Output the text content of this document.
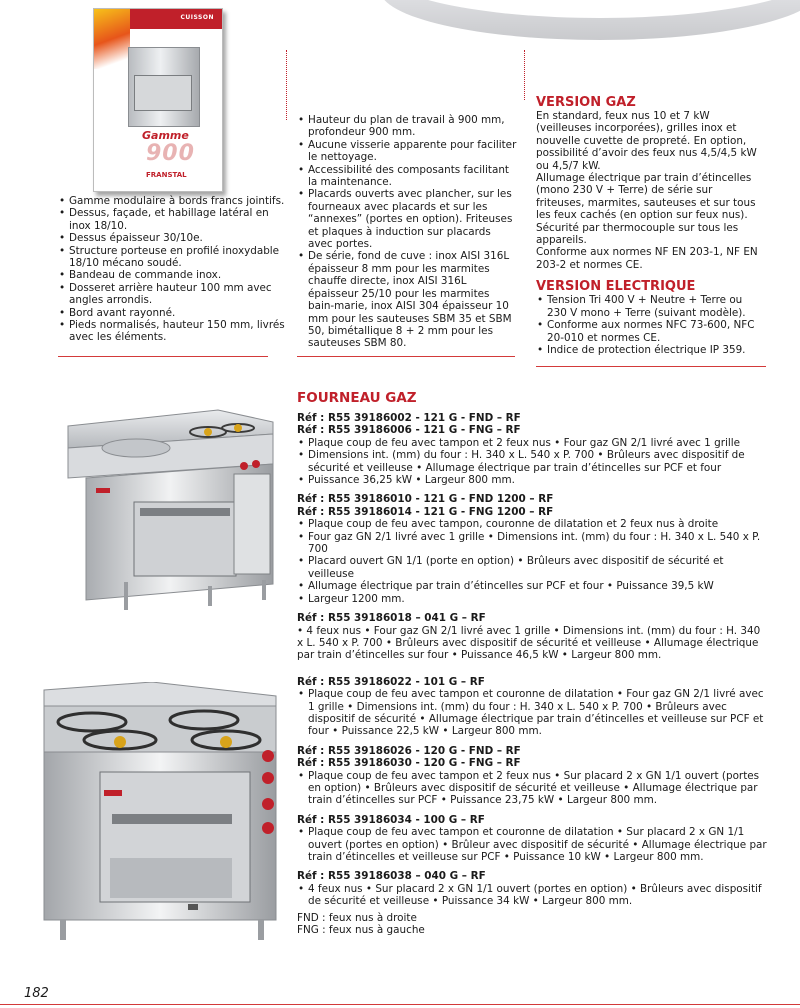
CUISSON
Gamme
900
FRANSTAL
• Gamme modulaire à bords francs jointifs.
• Dessus, façade, et habillage latéral en inox 18/10.
• Dessus épaisseur 30/10e.
• Structure porteuse en profilé inoxydable 18/10 mécano soudé.
• Bandeau de commande inox.
• Dosseret arrière hauteur 100 mm avec angles arrondis.
• Bord avant rayonné.
• Pieds normalisés, hauteur 150 mm, livrés avec les éléments.
• Hauteur du plan de travail à 900 mm, profondeur 900 mm.
• Aucune visserie apparente pour faciliter le nettoyage.
• Accessibilité des composants facilitant la maintenance.
• Placards ouverts avec plancher, sur les fourneaux avec placards et sur les “annexes” (portes en option). Friteuses et plaques à induction sur placards avec portes.
• De série, fond de cuve : inox AISI 316L épaisseur 8 mm pour les marmites chauffe directe, inox AISI 316L épaisseur 25/10 pour les marmites bain-marie, inox AISI 304 épaisseur 10 mm pour les sauteuses SBM 35 et SBM 50, bimétallique 8 + 2 mm pour les sauteuses SBM 80.

VERSION GAZ

En standard, feux nus 10 et 7 kW (veilleuses incorporées), grilles inox et nouvelle cuvette de propreté. En option, possibilité d’avoir des feux nus 4,5/4,5 kW ou 4,5/7 kW.

Allumage électrique par train d’étincelles (mono 230 V + Terre) de série sur friteuses, marmites, sauteuses et sur tous les feux cachés (en option sur feux nus). Sécurité par thermocouple sur tous les appareils.

Conforme aux normes NF EN 203-1, NF EN 203-2 et normes CE.

VERSION ELECTRIQUE

• Tension Tri 400 V + Neutre + Terre ou 230 V mono + Terre (suivant modèle).
• Conforme aux normes NFC 73-600, NFC 20-010 et normes CE.
• Indice de protection électrique IP 359.
FOURNEAU GAZ
Réf : R55 39186002 - 121 G - FND – RF
Réf : R55 39186006 - 121 G - FNG – RF
• Plaque coup de feu avec tampon et 2 feux nus • Four gaz GN 2/1 livré avec 1 grille
• Dimensions int. (mm) du four : H. 340 x L. 540 x P. 700 • Brûleurs avec dispositif de sécurité et veilleuse • Allumage électrique par train d’étincelles sur PCF et four
• Puissance 36,25 kW • Largeur 800 mm.
Réf : R55 39186010 - 121 G - FND 1200 – RF
Réf : R55 39186014 - 121 G - FNG 1200 – RF
• Plaque coup de feu avec tampon, couronne de dilatation et 2 feux nus à droite
• Four gaz GN 2/1 livré avec 1 grille • Dimensions int. (mm) du four : H. 340 x L. 540 x P. 700
• Placard ouvert GN 1/1 (porte en option) • Brûleurs avec dispositif de sécurité et veilleuse
• Allumage électrique par train d’étincelles sur PCF et four • Puissance 39,5 kW
• Largeur 1200 mm.
Réf : R55 39186018 – 041 G – RF
• 4 feux nus • Four gaz GN 2/1 livré avec 1 grille • Dimensions int. (mm) du four : H. 340 x L. 540 x P. 700 • Brûleurs avec dispositif de sécurité et veilleuse • Allumage électrique par train d’étincelles sur four • Puissance 46,5 kW • Largeur 800 mm.
Réf : R55 39186022 - 101 G – RF
• Plaque coup de feu avec tampon et couronne de dilatation • Four gaz GN 2/1 livré avec 1 grille • Dimensions int. (mm) du four : H. 340 x L. 540 x P. 700 • Brûleurs avec dispositif de sécurité • Allumage électrique par train d’étincelles et veilleuse sur PCF et four • Puissance 22,5 kW • Largeur 800 mm.
Réf : R55 39186026 - 120 G - FND – RF
Réf : R55 39186030 - 120 G - FNG – RF
• Plaque coup de feu avec tampon et 2 feux nus • Sur placard 2 x GN 1/1 ouvert (portes en option) • Brûleurs avec dispositif de sécurité et veilleuse • Allumage électrique par train d’étincelles sur PCF • Puissance 23,75 kW • Largeur 800 mm.
Réf : R55 39186034 - 100 G – RF
• Plaque coup de feu avec tampon et couronne de dilatation • Sur placard 2 x GN 1/1 ouvert (portes en option) • Brûleur avec dispositif de sécurité • Allumage électrique par train d’étincelles et veilleuse sur PCF • Puissance 10 kW • Largeur 800 mm.
Réf : R55 39186038 – 040 G – RF
• 4 feux nus • Sur placard 2 x GN 1/1 ouvert (portes en option) • Brûleurs avec dispositif de sécurité et veilleuse • Puissance 34 kW • Largeur 800 mm.
FND : feux nus à droite
FNG : feux nus à gauche
182
